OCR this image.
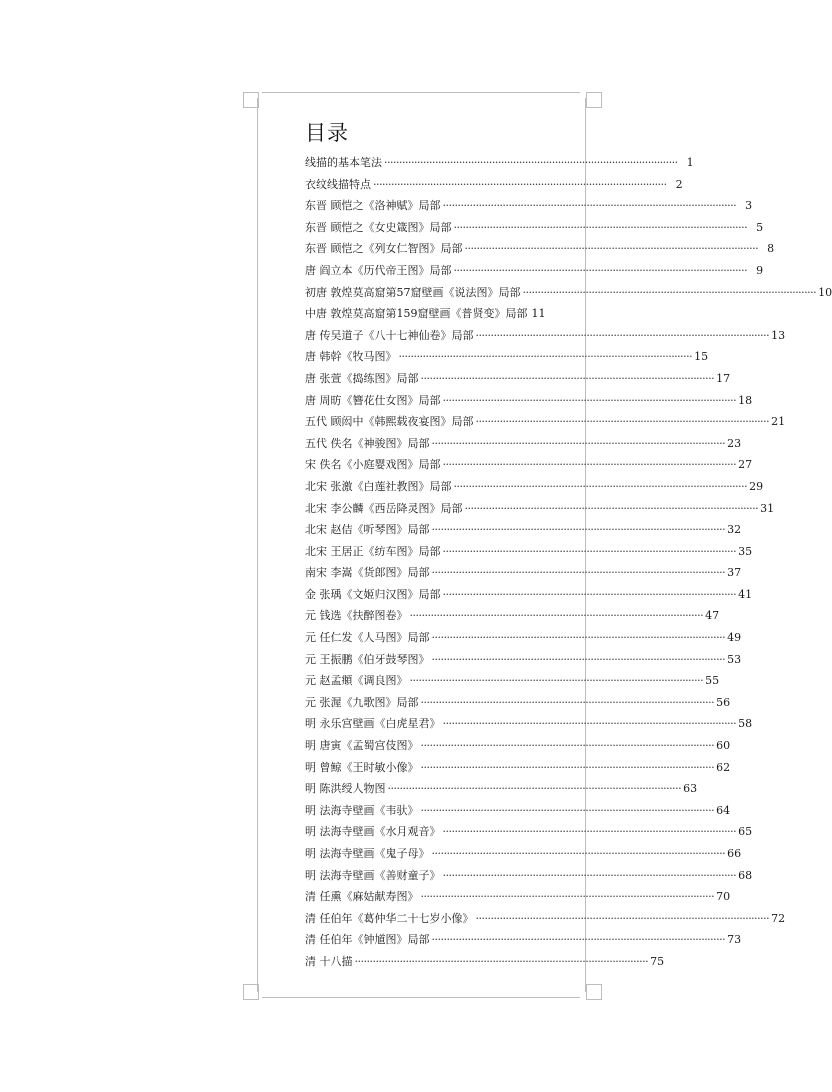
目录
线描的基本笔法 ·····	1
衣纹线描特点 ·····	2
东晋 顾恺之《洛神赋》局部 ·····	3
东晋 顾恺之《女史箴图》局部 ·····	5
东晋 顾恺之《列女仁智图》局部 ·····	8
唐 阎立本《历代帝王图》局部 ·····	9
初唐 敦煌莫高窟第57窟壁画《说法图》局部 ·····	10
中唐 敦煌莫高窟第159窟壁画《普贤变》局部 11
唐 传吴道子《八十七神仙卷》局部 ·····	13
唐 韩幹《牧马图》 ·····	15
唐 张萱《捣练图》局部 ·····	17
唐 周昉《簪花仕女图》局部 ·····	18
五代 顾闳中《韩熙载夜宴图》局部 ·····	21
五代 佚名《神骏图》局部 ·····	23
宋 佚名《小庭婴戏图》局部 ·····	27
北宋 张激《白莲社教图》局部 ·····	29
北宋 李公麟《西岳降灵图》局部 ·····	31
北宋 赵佶《听琴图》局部 ·····	32
北宋 王居正《纺车图》局部 ·····	35
南宋 李嵩《货郎图》局部 ·····	37
金 张瑀《文姬归汉图》局部 ·····	41
元 钱选《扶醉图卷》 ·····	47
元 任仁发《人马图》局部 ·····	49
元 王振鹏《伯牙鼓琴图》 ·····	53
元 赵孟頫《调良图》 ·····	55
元 张渥《九歌图》局部 ·····	56
明 永乐宫壁画《白虎星君》 ·····	58
明 唐寅《孟蜀宫伎图》 ·····	60
明 曾鲸《王时敏小像》 ·····	62
明 陈洪绶人物图 ·····	63
明 法海寺壁画《韦驮》 ·····	64
明 法海寺壁画《水月观音》 ·····	65
明 法海寺壁画《鬼子母》 ·····	66
明 法海寺壁画《善财童子》 ·····	68
清 任熏《麻姑献寿图》 ·····	70
清 任伯年《葛仲华二十七岁小像》 ·····	72
清 任伯年《钟馗图》局部 ·····	73
清 十八描 ·····	75
